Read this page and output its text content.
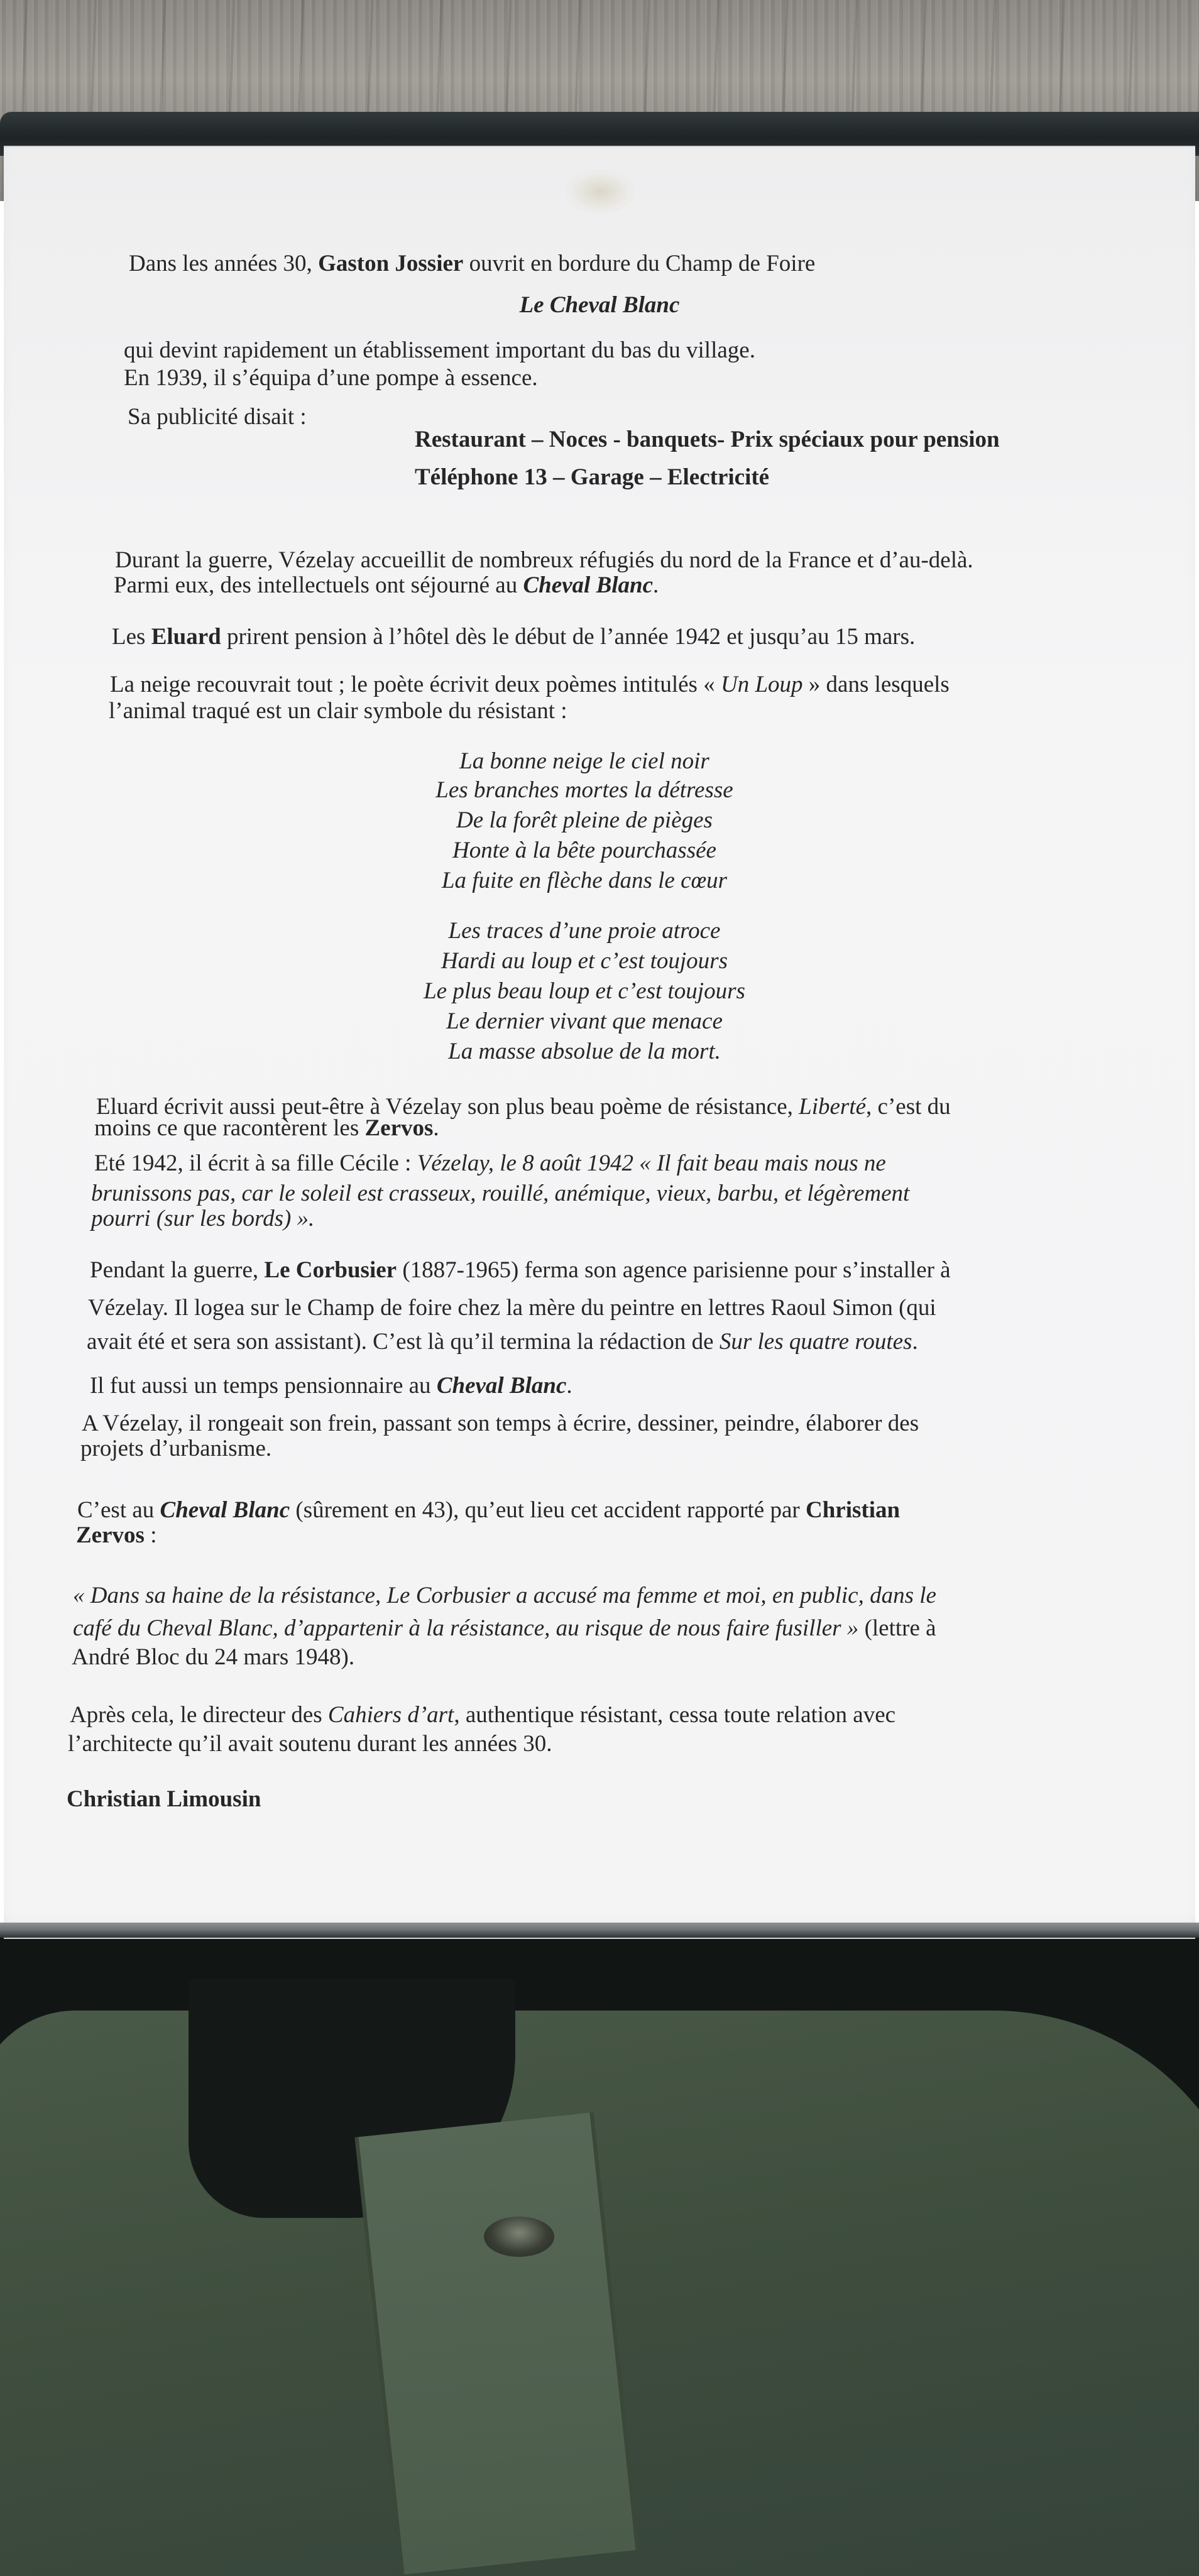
Dans les années 30, Gaston Jossier ouvrit en bordure du Champ de Foire
Le Cheval Blanc
qui devint rapidement un établissement important du bas du village.
En 1939, il s’équipa d’une pompe à essence.
Sa publicité disait :
Restaurant – Noces - banquets- Prix spéciaux pour pension
Téléphone 13 – Garage – Electricité
Durant la guerre, Vézelay accueillit de nombreux réfugiés du nord de la France et d’au-delà.
Parmi eux, des intellectuels ont séjourné au Cheval Blanc.
Les Eluard prirent pension à l’hôtel dès le début de l’année 1942 et jusqu’au 15 mars.
La neige recouvrait tout ; le poète écrivit deux poèmes intitulés « Un Loup » dans lesquels
l’animal traqué est un clair symbole du résistant :
La bonne neige le ciel noir
Les branches mortes la détresse
De la forêt pleine de pièges
Honte à la bête pourchassée
La fuite en flèche dans le cœur
Les traces d’une proie atroce
Hardi au loup et c’est toujours
Le plus beau loup et c’est toujours
Le dernier vivant que menace
La masse absolue de la mort.
Eluard écrivit aussi peut-être à Vézelay son plus beau poème de résistance, Liberté, c’est du
moins ce que racontèrent les Zervos.
Eté 1942, il écrit à sa fille Cécile : Vézelay, le 8 août 1942 « Il fait beau mais nous ne
brunissons pas, car le soleil est crasseux, rouillé, anémique, vieux, barbu, et légèrement
pourri (sur les bords) ».
Pendant la guerre, Le Corbusier (1887-1965) ferma son agence parisienne pour s’installer à
Vézelay. Il logea sur le Champ de foire chez la mère du peintre en lettres Raoul Simon (qui
avait été et sera son assistant). C’est là qu’il termina la rédaction de Sur les quatre routes.
Il fut aussi un temps pensionnaire au Cheval Blanc.
A Vézelay, il rongeait son frein, passant son temps à écrire, dessiner, peindre, élaborer des
projets d’urbanisme.
C’est au Cheval Blanc (sûrement en 43), qu’eut lieu cet accident rapporté par Christian
Zervos :
« Dans sa haine de la résistance, Le Corbusier a accusé ma femme et moi, en public, dans le
café du Cheval Blanc, d’appartenir à la résistance, au risque de nous faire fusiller » (lettre à
André Bloc du 24 mars 1948).
Après cela, le directeur des Cahiers d’art, authentique résistant, cessa toute relation avec
l’architecte qu’il avait soutenu durant les années 30.
Christian Limousin
